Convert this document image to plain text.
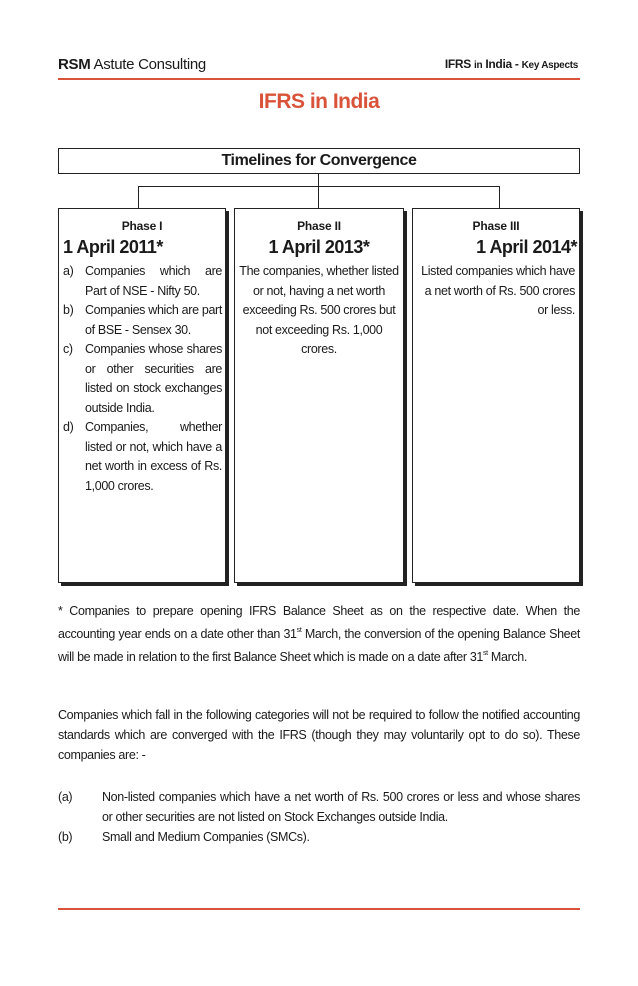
RSM Astute Consulting	IFRS in India - Key Aspects
IFRS in India
Timelines for Convergence
Phase I
1 April 2011*
a) Companies which are Part of NSE - Nifty 50.
b) Companies which are part of BSE - Sensex 30.
c) Companies whose shares or other securities are listed on stock exchanges outside India.
d) Companies, whether listed or not, which have a net worth in excess of Rs. 1,000 crores.
Phase II
1 April 2013*
The companies, whether listed or not, having a net worth exceeding Rs. 500 crores but not exceeding Rs. 1,000 crores.
Phase III
1 April 2014*
Listed companies which have a net worth of Rs. 500 crores or less.
* Companies to prepare opening IFRS Balance Sheet as on the respective date. When the accounting year ends on a date other than 31st March, the conversion of the opening Balance Sheet will be made in relation to the first Balance Sheet which is made on a date after 31st March.
Companies which fall in the following categories will not be required to follow the notified accounting standards which are converged with the IFRS (though they may voluntarily opt to do so). These companies are: -
(a)	Non-listed companies which have a net worth of Rs. 500 crores or less and whose shares or other securities are not listed on Stock Exchanges outside India.
(b)	Small and Medium Companies (SMCs).
